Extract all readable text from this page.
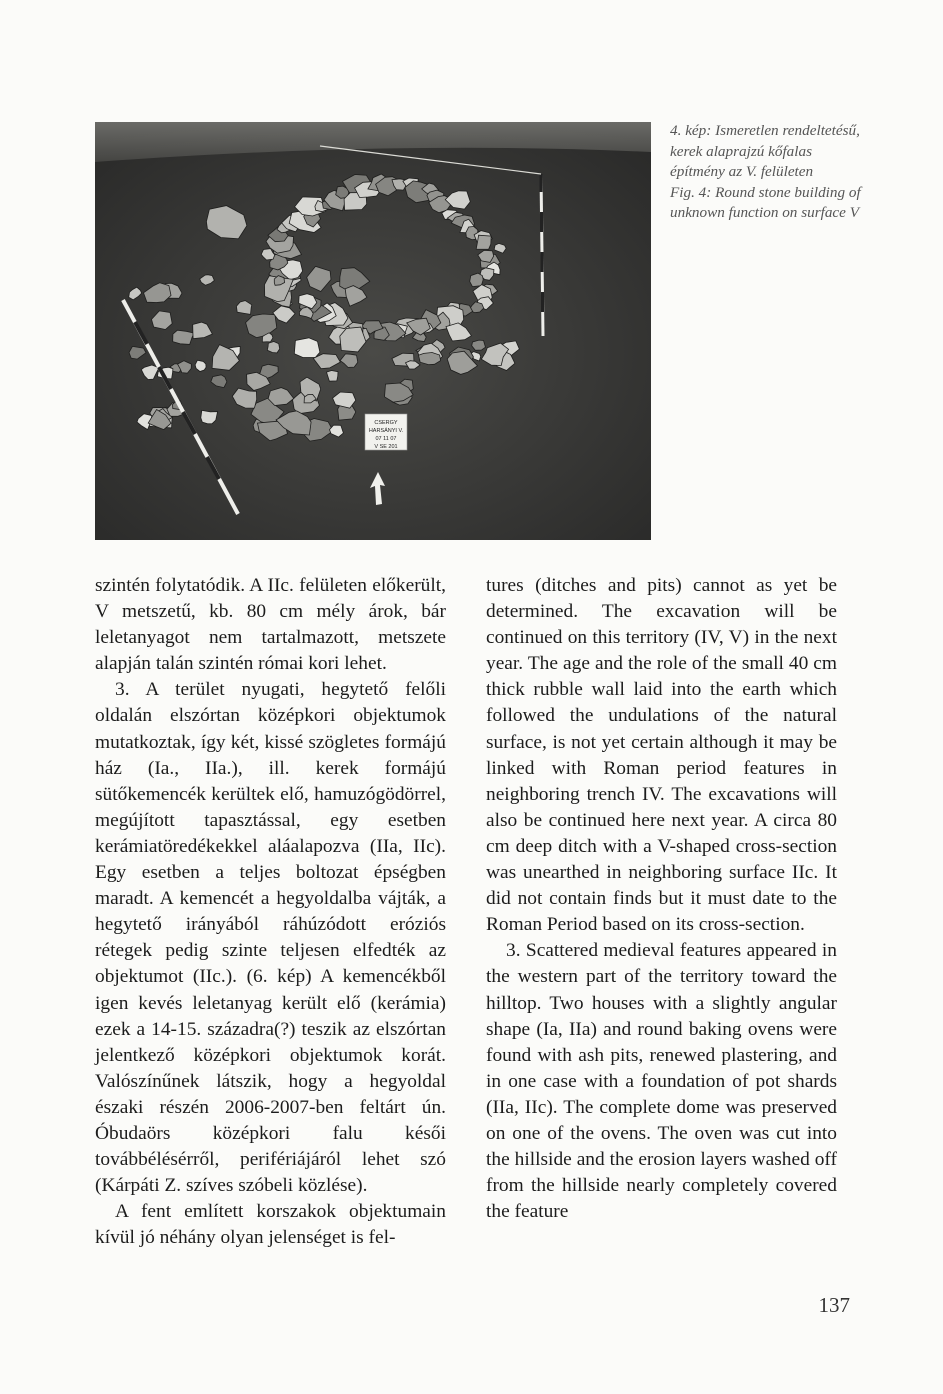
CSERGY
HARSÁNYI V.
07 11 07
V SE 201

4. kép: Ismeretlen rendeltetésű, kerek alaprajzú kőfalas építmény az V. felületen

Fig. 4: Round stone building of unknown function on surface V

szintén folytatódik. A IIc. felületen előkerült, V metszetű, kb. 80 cm mély árok, bár leletanyagot nem tartalmazott, metszete alapján talán szintén római kori lehet.

3. A terület nyugati, hegytető felőli oldalán elszórtan középkori objektumok mutatkoztak, így két, kissé szögletes formájú ház (Ia., IIa.), ill. kerek formájú sütőkemencék kerültek elő, hamuzógödörrel, megújított tapasztással, egy esetben kerámiatöredékekkel aláalapozva (IIa, IIc). Egy esetben a teljes boltozat épségben maradt. A kemencét a hegyoldalba vájták, a hegytető irányából ráhúzódott eróziós rétegek pedig szinte teljesen elfedték az objektumot (IIc.). (6. kép) A kemencékből igen kevés leletanyag került elő (kerámia) ezek a 14-15. századra(?) teszik az elszórtan jelentkező középkori objektumok korát. Valószínűnek látszik, hogy a hegyoldal északi részén 2006-2007-ben feltárt ún. Óbudaörs középkori falu késői továbbélésérről, perifériájáról lehet szó (Kárpáti Z. szíves szóbeli közlése).

A fent említett korszakok objektumain kívül jó néhány olyan jelenséget is fel-

tures (ditches and pits) cannot as yet be determined. The excavation will be continued on this territory (IV, V) in the next year. The age and the role of the small 40 cm thick rubble wall laid into the earth which followed the undulations of the natural surface, is not yet certain although it may be linked with Roman period features in neighboring trench IV. The excavations will also be continued here next year. A circa 80 cm deep ditch with a V-shaped cross-section was unearthed in neighboring surface IIc. It did not contain finds but it must date to the Roman Period based on its cross-section.

3. Scattered medieval features appeared in the western part of the territory toward the hilltop. Two houses with a slightly angular shape (Ia, IIa) and round baking ovens were found with ash pits, renewed plastering, and in one case with a foundation of pot shards (IIa, IIc). The complete dome was preserved on one of the ovens. The oven was cut into the hillside and the erosion layers washed off from the hillside nearly completely covered the feature

137
